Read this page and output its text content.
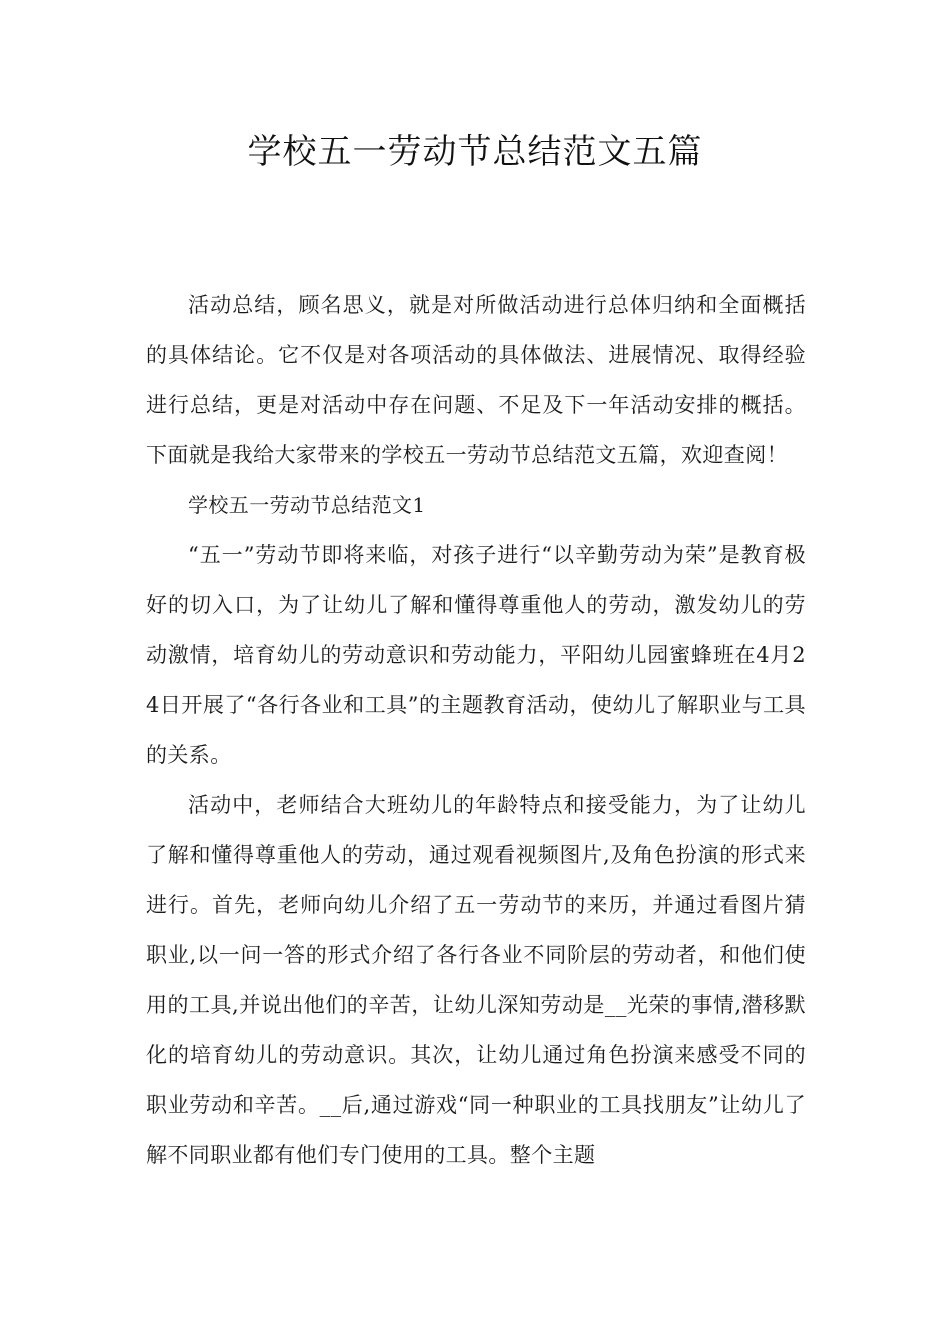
学校五一劳动节总结范文五篇

活动总结，顾名思义，就是对所做活动进行总体归纳和全面概括的具体结论。它不仅是对各项活动的具体做法、进展情况、取得经验进行总结，更是对活动中存在问题、不足及下一年活动安排的概括。下面就是我给大家带来的学校五一劳动节总结范文五篇，欢迎查阅！

学校五一劳动节总结范文1

“五一”劳动节即将来临，对孩子进行“以辛勤劳动为荣”是教育极好的切入口，为了让幼儿了解和懂得尊重他人的劳动，激发幼儿的劳动激情，培育幼儿的劳动意识和劳动能力，平阳幼儿园蜜蜂班在4月24日开展了“各行各业和工具”的主题教育活动，使幼儿了解职业与工具的关系。

活动中，老师结合大班幼儿的年龄特点和接受能力，为了让幼儿了解和懂得尊重他人的劳动，通过观看视频图片,及角色扮演的形式来进行。首先，老师向幼儿介绍了五一劳动节的来历，并通过看图片猜职业,以一问一答的形式介绍了各行各业不同阶层的劳动者，和他们使用的工具,并说出他们的辛苦，让幼儿深知劳动是__光荣的事情,潜移默化的培育幼儿的劳动意识。其次，让幼儿通过角色扮演来感受不同的职业劳动和辛苦。__后,通过游戏“同一种职业的工具找朋友”让幼儿了解不同职业都有他们专门使用的工具。整个主题
